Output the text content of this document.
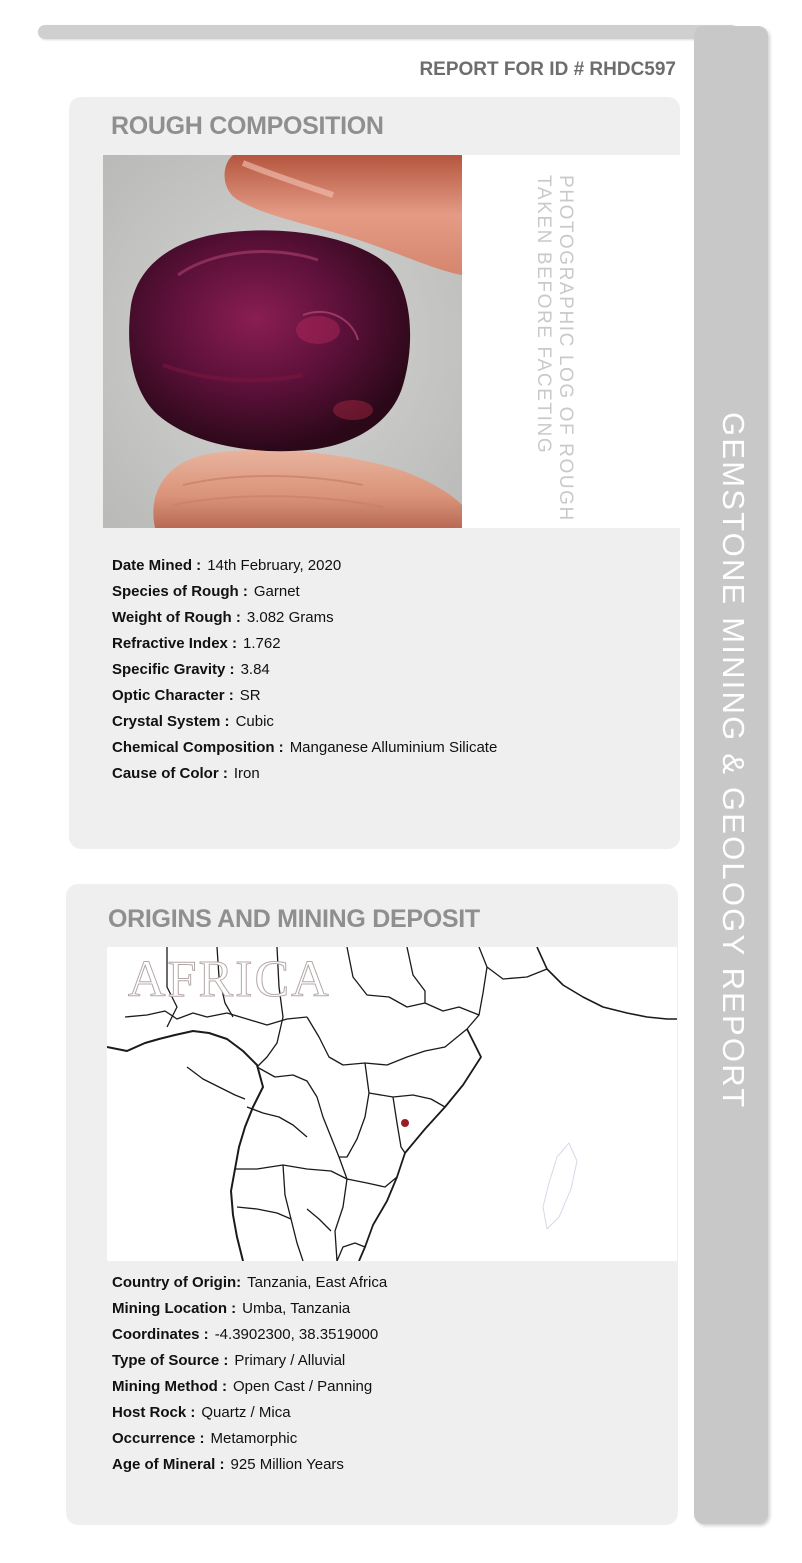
GEMSTONE MINING & GEOLOGY REPORT
REPORT FOR ID # RHDC597
ROUGH COMPOSITION
PHOTOGRAPHIC LOG OF ROUGH
TAKEN BEFORE FACETING
Date Mined : 14th February, 2020
Species of Rough : Garnet
Weight of Rough : 3.082 Grams
Refractive Index : 1.762
Specific Gravity : 3.84
Optic Character : SR
Crystal System : Cubic
Chemical Composition : Manganese Alluminium Silicate
Cause of Color : Iron
ORIGINS AND MINING DEPOSIT
AFRICA
Country of Origin: Tanzania, East Africa
Mining Location : Umba, Tanzania
Coordinates : -4.3902300, 38.3519000
Type of Source : Primary / Alluvial
Mining Method : Open Cast / Panning
Host Rock : Quartz / Mica
Occurrence : Metamorphic
Age of Mineral : 925 Million Years
